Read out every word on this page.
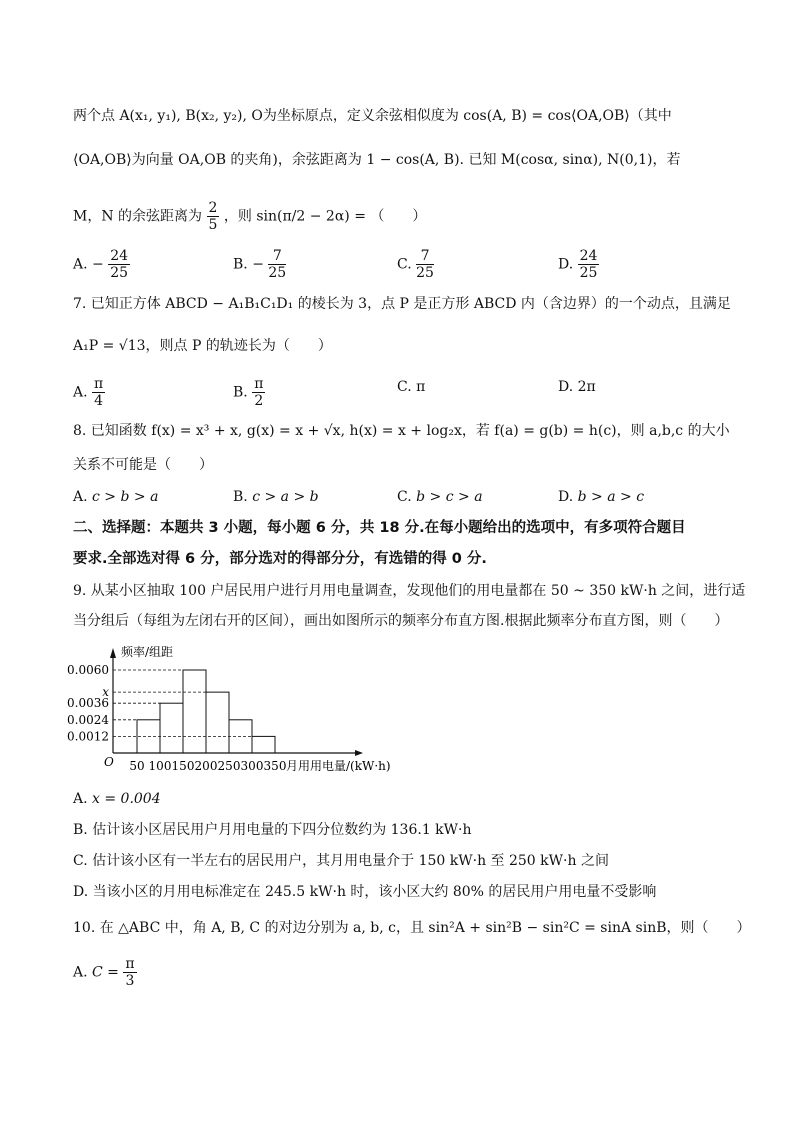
两个点 A(x₁, y₁), B(x₂, y₂), O为坐标原点，定义余弦相似度为 cos(A, B) = cos⟨OA,OB⟩（其中
⟨OA,OB⟩为向量 OA,OB 的夹角)，余弦距离为 1 − cos(A, B). 已知 M(cosα, sinα), N(0,1)，若
M，N 的余弦距离为 $\frac{2}{5}$ ，则 sin(π/2 − 2α) = （　　）
A. − $\frac{24}{25}$	B. − $\frac{7}{25}$	C. $\frac{7}{25}$	D. $\frac{24}{25}$
7. 已知正方体 ABCD − A₁B₁C₁D₁ 的棱长为 3，点 P 是正方形 ABCD 内（含边界）的一个动点，且满足
A₁P = √13，则点 P 的轨迹长为（　　）
A. $\frac{\pi}{4}$	B. $\frac{\pi}{2}$	C. π	D. 2π
8. 已知函数 f(x) = x³ + x, g(x) = x + √x, h(x) = x + log₂x，若 f(a) = g(b) = h(c)，则 a,b,c 的大小
关系不可能是（　　）
A. c > b > a	B. c > a > b	C. b > c > a	D. b > a > c
二、选择题：本题共 3 小题，每小题 6 分，共 18 分.在每小题给出的选项中，有多项符合题目
要求.全部选对得 6 分，部分选对的得部分分，有选错的得 0 分.
9. 从某小区抽取 100 户居民用户进行月用电量调查，发现他们的用电量都在 50 ~ 350 kW·h 之间，进行适
当分组后（每组为左闭右开的区间），画出如图所示的频率分布直方图.根据此频率分布直方图，则（　　）
0.0060
x
0.0036
0.0024
0.0012
50 100 150 200 250 300 350
频率/组距
月用用电量/(kW·h)
O
A. x = 0.004
B. 估计该小区居民用户月用电量的下四分位数约为 136.1 kW·h
C. 估计该小区有一半左右的居民用户，其月用电量介于 150 kW·h 至 250 kW·h 之间
D. 当该小区的月用电标准定在 245.5 kW·h 时，该小区大约 80% 的居民用户用电量不受影响
10. 在 △ABC 中，角 A, B, C 的对边分别为 a, b, c，且 sin²A + sin²B − sin²C = sinA sinB，则（　　）
A. $C = \frac{\pi}{3}$
